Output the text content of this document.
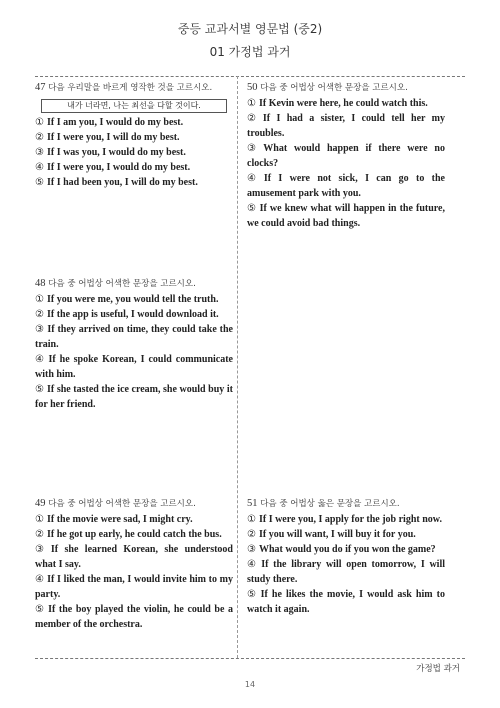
중등 교과서별 영문법 (중2)
01 가정법 과거
47 다음 우리말을 바르게 영작한 것을 고르시오.
내가 너라면, 나는 최선을 다할 것이다.
① If I am you, I would do my best.
② If I were you, I will do my best.
③ If I was you, I would do my best.
④ If I were you, I would do my best.
⑤ If I had been you, I will do my best.
48 다음 중 어법상 어색한 문장을 고르시오.
① If you were me, you would tell the truth.
② If the app is useful, I would download it.
③ If they arrived on time, they could take the train.
④ If he spoke Korean, I could communicate with him.
⑤ If she tasted the ice cream, she would buy it for her friend.
49 다음 중 어법상 어색한 문장을 고르시오.
① If the movie were sad, I might cry.
② If he got up early, he could catch the bus.
③ If she learned Korean, she understood what I say.
④ If I liked the man, I would invite him to my party.
⑤ If the boy played the violin, he could be a member of the orchestra.
50 다음 중 어법상 어색한 문장을 고르시오.
① If Kevin were here, he could watch this.
② If I had a sister, I could tell her my troubles.
③ What would happen if there were no clocks?
④ If I were not sick, I can go to the amusement park with you.
⑤ If we knew what will happen in the future, we could avoid bad things.
51 다음 중 어법상 옳은 문장을 고르시오.
① If I were you, I apply for the job right now.
② If you will want, I will buy it for you.
③ What would you do if you won the game?
④ If the library will open tomorrow, I will study there.
⑤ If he likes the movie, I would ask him to watch it again.
가정법 과거
14
